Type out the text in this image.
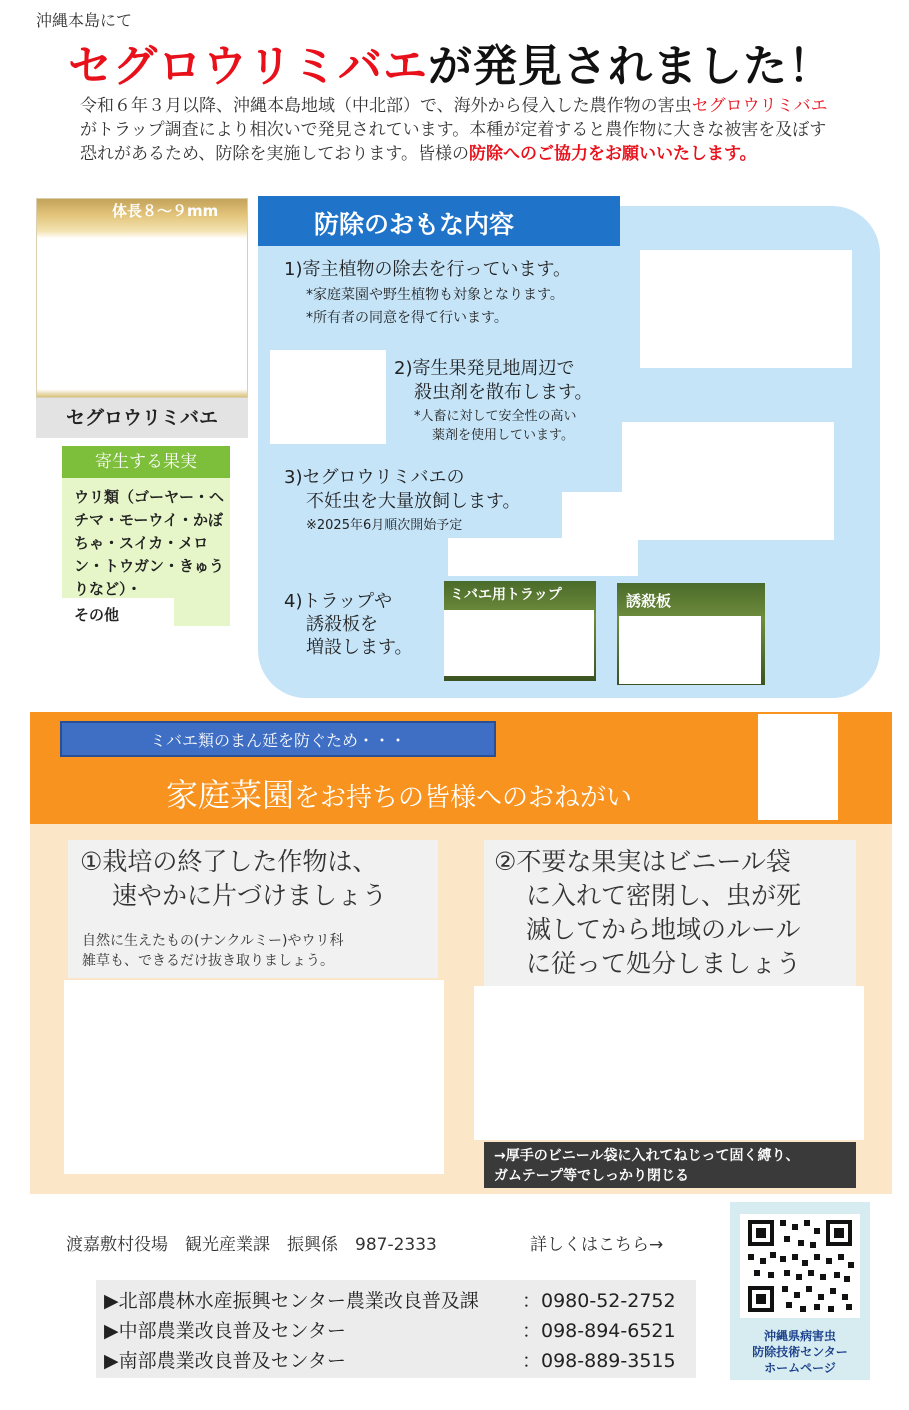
沖縄本島にて
セグロウリミバエが発見されました！
令和６年３月以降、沖縄本島地域（中北部）で、海外から侵入した農作物の害虫セグロウリミバエがトラップ調査により相次いで発見されています。本種が定着すると農作物に大きな被害を及ぼす恐れがあるため、防除を実施しております。皆様の防除へのご協力をお願いいたします。
体長８～９mm
セグロウリミバエ
寄生する果実
ウリ類（ゴーヤー・ヘチマ・モーウイ・かぼちゃ・スイカ・メロン・トウガン・きゅうりなど）・
その他
防除のおもな内容
1)寄主植物の除去を行っています。
*家庭菜園や野生植物も対象となります。
*所有者の同意を得て行います。
2)寄生果発見地周辺で
殺虫剤を散布します。
*人畜に対して安全性の高い
薬剤を使用しています。
3)セグロウリミバエの
不妊虫を大量放飼します。
※2025年6月順次開始予定
4)トラップや
誘殺板を
増設します。
ミバエ用トラップ	誘殺板
ミバエ類のまん延を防ぐため・・・
家庭菜園をお持ちの皆様へのおねがい
①栽培の終了した作物は、
速やかに片づけましょう
自然に生えたもの(ナンクルミー)やウリ科
雑草も、できるだけ抜き取りましょう。
②不要な果実はビニール袋
に入れて密閉し、虫が死
滅してから地域のルール
に従って処分しましょう
→厚手のビニール袋に入れてねじって固く縛り、
ガムテープ等でしっかり閉じる
渡嘉敷村役場　観光産業課　振興係　987-2333	詳しくはこちら→
▶北部農林水産振興センター農業改良普及課 ：0980-52-2752
▶中部農業改良普及センター	：098-894-6521
▶南部農業改良普及センター	：098-889-3515
沖縄県病害虫
防除技術センター
ホームページ
